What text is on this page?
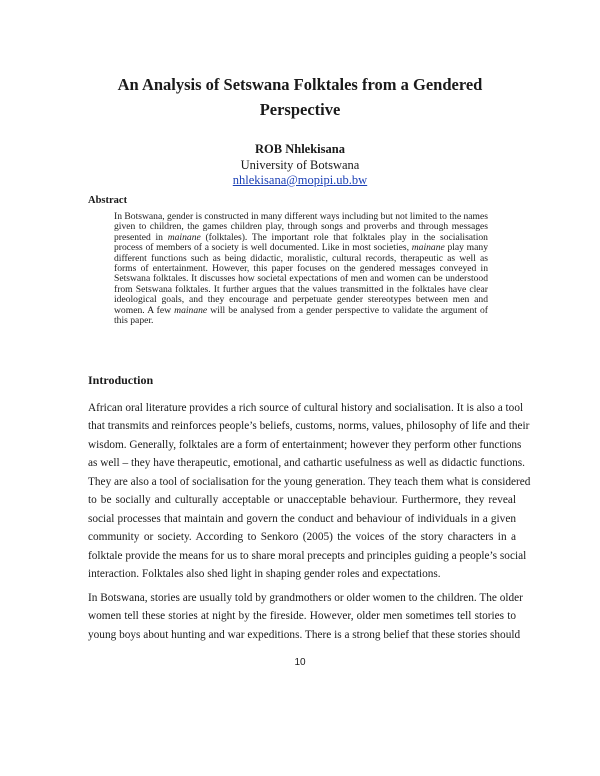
An Analysis of Setswana Folktales from a Gendered
Perspective
ROB Nhlekisana
University of Botswana
nhlekisana@mopipi.ub.bw
Abstract
In Botswana, gender is constructed in many different ways including but not limited to the names given to children, the games children play, through songs and proverbs and through messages presented in mainane (folktales). The important role that folktales play in the socialisation process of members of a society is well documented. Like in most societies, mainane play many different functions such as being didactic, moralistic, cultural records, therapeutic as well as forms of entertainment. However, this paper focuses on the gendered messages conveyed in Setswana folktales. It discusses how societal expectations of men and women can be understood from Setswana folktales. It further argues that the values transmitted in the folktales have clear ideological goals, and they encourage and perpetuate gender stereotypes between men and women. A few mainane will be analysed from a gender perspective to validate the argument of this paper.
Introduction
African oral literature provides a rich source of cultural history and socialisation. It is also a tool
that transmits and reinforces people’s beliefs, customs, norms, values, philosophy of life and their
wisdom. Generally, folktales are a form of entertainment; however they perform other functions
as well – they have therapeutic, emotional, and cathartic usefulness as well as didactic functions.
They are also a tool of socialisation for the young generation. They teach them what is considered
to be socially and culturally acceptable or unacceptable behaviour. Furthermore, they reveal
social processes that maintain and govern the conduct and behaviour of individuals in a given
community or society. According to Senkoro (2005) the voices of the story characters in a
folktale provide the means for us to share moral precepts and principles guiding a people’s social
interaction. Folktales also shed light in shaping gender roles and expectations.
In Botswana, stories are usually told by grandmothers or older women to the children. The older
women tell these stories at night by the fireside. However, older men sometimes tell stories to
young boys about hunting and war expeditions. There is a strong belief that these stories should
10
